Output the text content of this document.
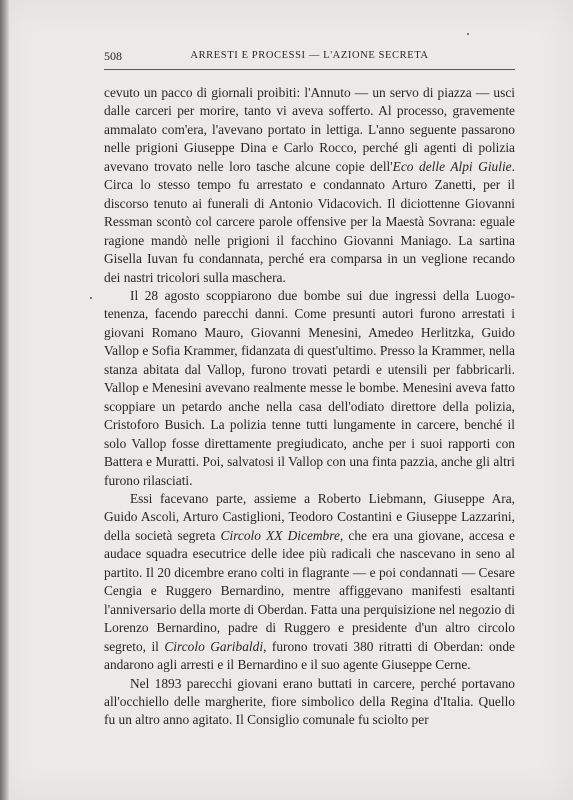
508	ARRESTI E PROCESSI — L'AZIONE SECRETA

cevuto un pacco di giornali proibiti: l'Annuto — un servo di piazza — usci dalle carceri per morire, tanto vi aveva sofferto. Al processo, gravemente ammalato com'era, l'avevano portato in lettiga. L'anno seguente passarono nelle prigioni Giuseppe Dina e Carlo Rocco, perché gli agenti di polizia avevano trovato nelle loro tasche alcune copie dell'Eco delle Alpi Giulie. Circa lo stesso tempo fu arrestato e condannato Arturo Zanetti, per il discorso tenuto ai funerali di Antonio Vidacovich. Il diciottenne Giovanni Ressman scontò col carcere parole offensive per la Maestà Sovrana: eguale ragione mandò nelle prigioni il facchino Giovanni Maniago. La sartina Gisella Iuvan fu condannata, perché era comparsa in un veglione recando dei nastri tricolori sulla maschera.

Il 28 agosto scoppiarono due bombe sui due ingressi della Luogotenenza, facendo parecchi danni. Come presunti autori furono arrestati i giovani Romano Mauro, Giovanni Menesini, Amedeo Herlitzka, Guido Vallop e Sofia Krammer, fidanzata di quest'ultimo. Presso la Krammer, nella stanza abitata dal Vallop, furono trovati petardi e utensili per fabbricarli. Vallop e Menesini avevano realmente messe le bombe. Menesini aveva fatto scoppiare un petardo anche nella casa dell'odiato direttore della polizia, Cristoforo Busich. La polizia tenne tutti lungamente in carcere, benché il solo Vallop fosse direttamente pregiudicato, anche per i suoi rapporti con Battera e Muratti. Poi, salvatosi il Vallop con una finta pazzia, anche gli altri furono rilasciati.

Essi facevano parte, assieme a Roberto Liebmann, Giuseppe Ara, Guido Ascoli, Arturo Castiglioni, Teodoro Costantini e Giuseppe Lazzarini, della società segreta Circolo XX Dicembre, che era una giovane, accesa e audace squadra esecutrice delle idee più radicali che nascevano in seno al partito. Il 20 dicembre erano colti in flagrante — e poi condannati — Cesare Cengia e Ruggero Bernardino, mentre affiggevano manifesti esaltanti l'anniversario della morte di Oberdan. Fatta una perquisizione nel negozio di Lorenzo Bernardino, padre di Ruggero e presidente d'un altro circolo segreto, il Circolo Garibaldi, furono trovati 380 ritratti di Oberdan: onde andarono agli arresti e il Bernardino e il suo agente Giuseppe Cerne.

Nel 1893 parecchi giovani erano buttati in carcere, perché portavano all'occhiello delle margherite, fiore simbolico della Regina d'Italia. Quello fu un altro anno agitato. Il Consiglio comunale fu sciolto per
